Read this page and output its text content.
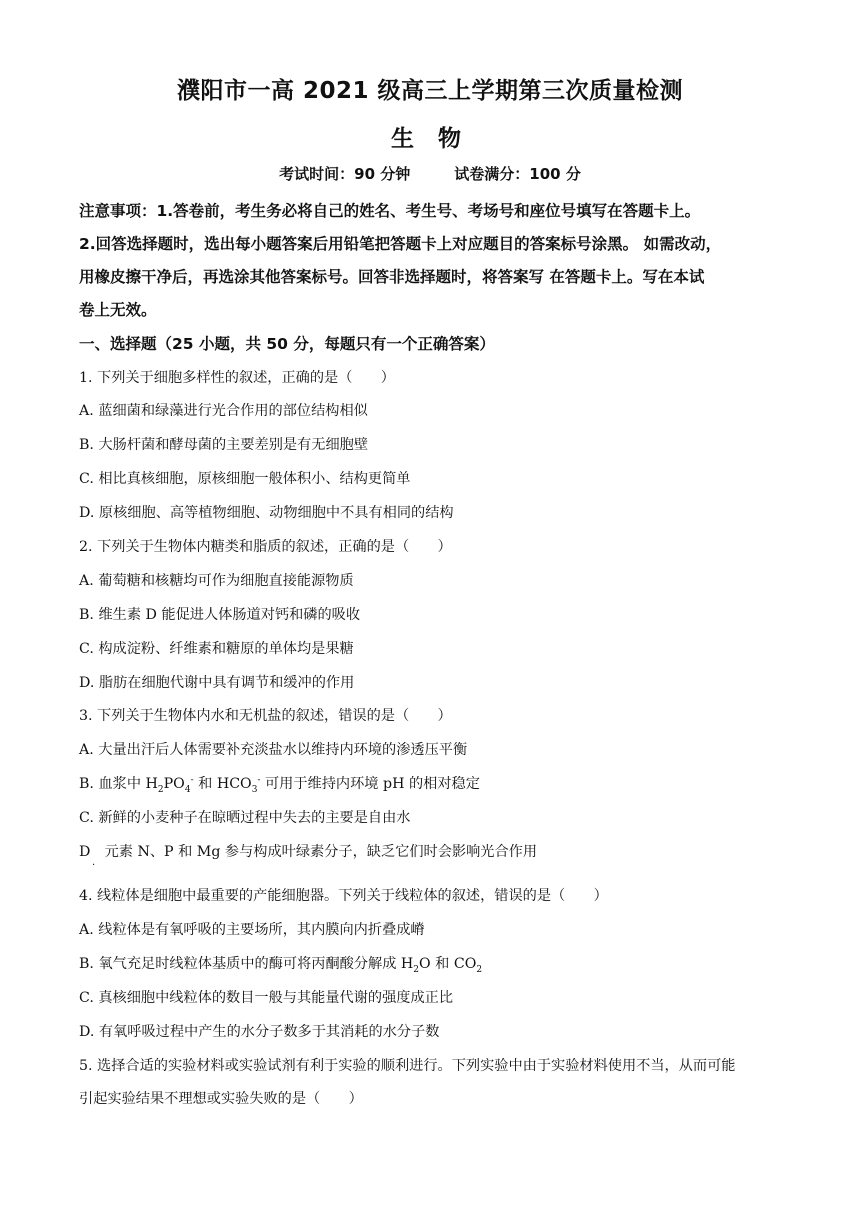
濮阳市一高 2021 级高三上学期第三次质量检测
生 物
考试时间：90 分钟	试卷满分：100 分
注意事项：1.答卷前，考生务必将自己的姓名、考生号、考场号和座位号填写在答题卡上。
2.回答选择题时，选出每小题答案后用铅笔把答题卡上对应题目的答案标号涂黑。 如需改动，
用橡皮擦干净后，再选涂其他答案标号。回答非选择题时，将答案写 在答题卡上。写在本试
卷上无效。
一、选择题（25 小题，共 50 分，每题只有一个正确答案）
1. 下列关于细胞多样性的叙述，正确的是（　　）
A. 蓝细菌和绿藻进行光合作用的部位结构相似
B. 大肠杆菌和酵母菌的主要差别是有无细胞壁
C. 相比真核细胞，原核细胞一般体积小、结构更简单
D. 原核细胞、高等植物细胞、动物细胞中不具有相同的结构
2. 下列关于生物体内糖类和脂质的叙述，正确的是（　　）
A. 葡萄糖和核糖均可作为细胞直接能源物质
B. 维生素 D 能促进人体肠道对钙和磷的吸收
C. 构成淀粉、纤维素和糖原的单体均是果糖
D. 脂肪在细胞代谢中具有调节和缓冲的作用
3. 下列关于生物体内水和无机盐的叙述，错误的是（　　）
A. 大量出汗后人体需要补充淡盐水以维持内环境的渗透压平衡
B. 血浆中 $H_2PO_4^-$ 和 $HCO_3^-$ 可用于维持内环境 pH 的相对稳定
C. 新鲜的小麦种子在晾晒过程中失去的主要是自由水
D　元素 N、P 和 Mg 参与构成叶绿素分子，缺乏它们时会影响光合作用
·
4. 线粒体是细胞中最重要的产能细胞器。下列关于线粒体的叙述，错误的是（　　）
A. 线粒体是有氧呼吸的主要场所，其内膜向内折叠成嵴
B. 氧气充足时线粒体基质中的酶可将丙酮酸分解成 $H_2O$ 和 $CO_2$
C. 真核细胞中线粒体的数目一般与其能量代谢的强度成正比
D. 有氧呼吸过程中产生的水分子数多于其消耗的水分子数
5. 选择合适的实验材料或实验试剂有利于实验的顺利进行。下列实验中由于实验材料使用不当，从而可能
引起实验结果不理想或实验失败的是（　　）
